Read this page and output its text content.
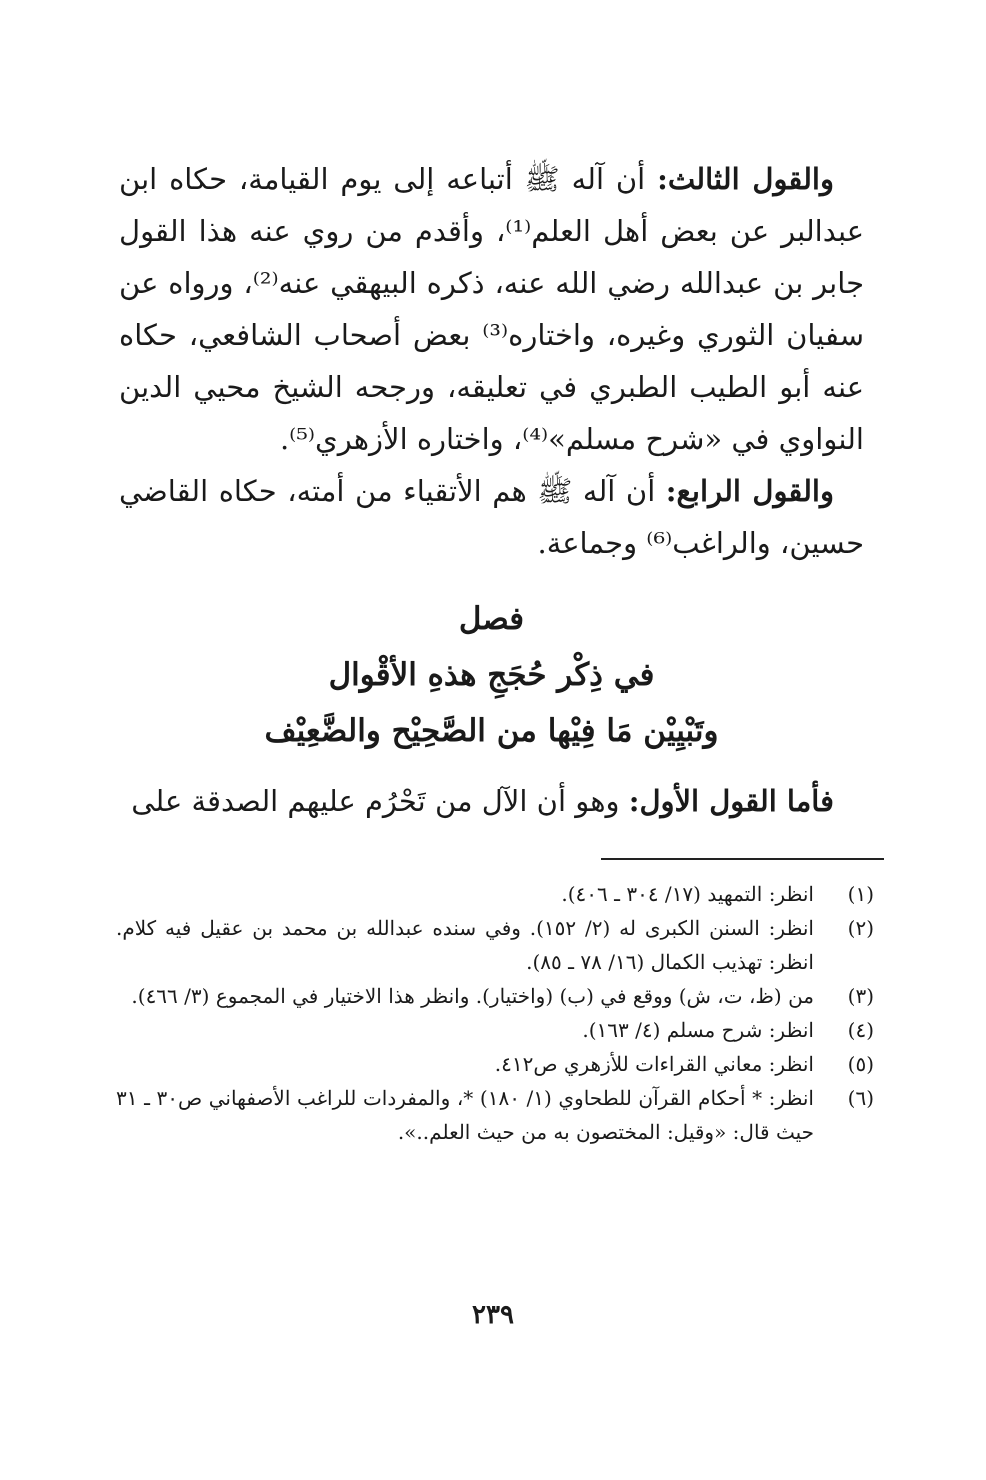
والقول الثالث: أن آله ﷺ أتباعه إلى يوم القيامة، حكاه ابن عبدالبر عن بعض أهل العلم⁽¹⁾، وأقدم من روي عنه هذا القول جابر بن عبدالله رضي الله عنه، ذكره البيهقي عنه⁽²⁾، ورواه عن سفيان الثوري وغيره، واختاره⁽³⁾ بعض أصحاب الشافعي، حكاه عنه أبو الطيب الطبري في تعليقه، ورجحه الشيخ محيي الدين النواوي في «شرح مسلم»⁽⁴⁾، واختاره الأزهري⁽⁵⁾.

والقول الرابع: أن آله ﷺ هم الأتقياء من أمته، حكاه القاضي حسين، والراغب⁽⁶⁾ وجماعة.

فصل

في ذِكْر حُجَجِ هذهِ الأقْوال

وتَبْيِيْن مَا فِيْها من الصَّحِيْح والضَّعِيْف

فأما القول الأول: وهو أن الآل من تَحْرُم عليهم الصدقة على

(١)
انظر: التمهيد (١٧/ ٣٠٤ ـ ٤٠٦).
(٢)
انظر: السنن الكبرى له (٢/ ١٥٢). وفي سنده عبدالله بن محمد بن عقيل فيه كلام. انظر: تهذيب الكمال (١٦/ ٧٨ ـ ٨٥).
(٣)
من (ظ، ت، ش) ووقع في (ب) (واختيار). وانظر هذا الاختيار في المجموع (٣/ ٤٦٦).
(٤)
انظر: شرح مسلم (٤/ ١٦٣).
(٥)
انظر: معاني القراءات للأزهري ص٤١٢.
(٦)
انظر: * أحكام القرآن للطحاوي (١/ ١٨٠) *، والمفردات للراغب الأصفهاني ص٣٠ ـ ٣١ حيث قال: «وقيل: المختصون به من حيث العلم..».
٢٣٩
